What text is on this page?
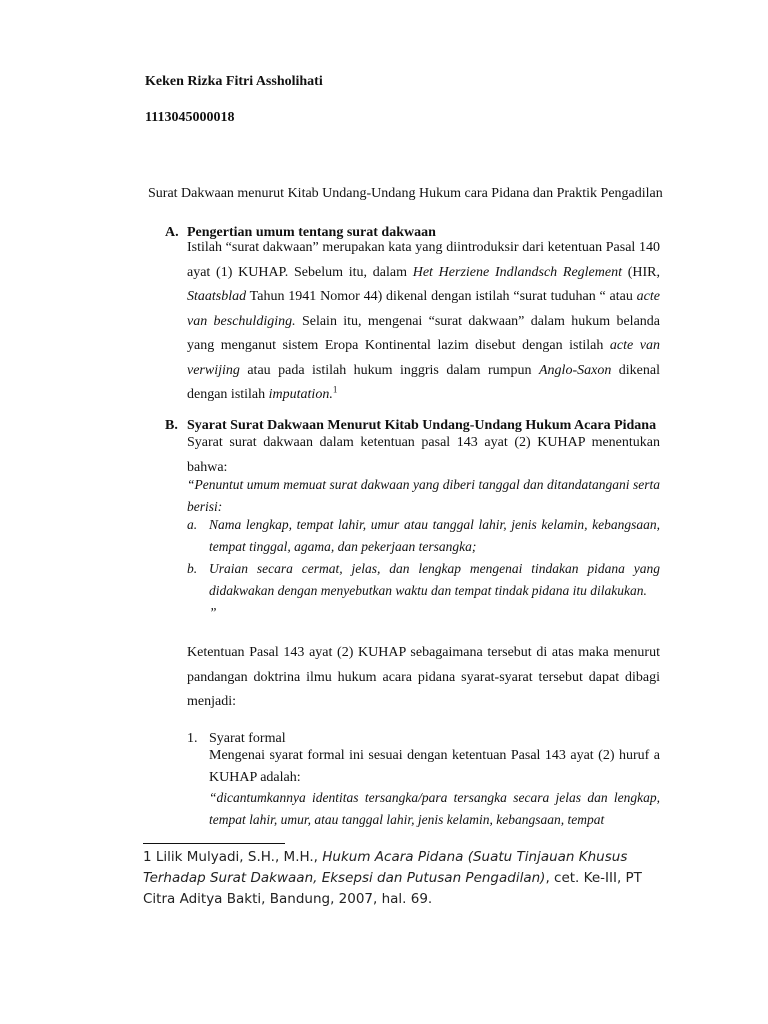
Keken Rizka Fitri Assholihati
1113045000018
Surat Dakwaan menurut Kitab Undang-Undang Hukum cara Pidana dan Praktik Pengadilan
A. Pengertian umum tentang surat dakwaan
Istilah “surat dakwaan” merupakan kata yang diintroduksir dari ketentuan Pasal 140 ayat (1) KUHAP. Sebelum itu, dalam Het Herziene Indlandsch Reglement (HIR, Staatsblad Tahun 1941 Nomor 44) dikenal dengan istilah “surat tuduhan “ atau acte van beschuldiging. Selain itu, mengenai “surat dakwaan” dalam hukum belanda yang menganut sistem Eropa Kontinental lazim disebut dengan istilah acte van verwijing atau pada istilah hukum inggris dalam rumpun Anglo-Saxon dikenal dengan istilah imputation.$^1$
B. Syarat Surat Dakwaan Menurut Kitab Undang-Undang Hukum Acara Pidana
Syarat surat dakwaan dalam ketentuan pasal 143 ayat (2) KUHAP menentukan bahwa:
“Penuntut umum memuat surat dakwaan yang diberi tanggal dan ditandatangani serta berisi:
a. Nama lengkap, tempat lahir, umur atau tanggal lahir, jenis kelamin, kebangsaan, tempat tinggal, agama, dan pekerjaan tersangka;
b. Uraian secara cermat, jelas, dan lengkap mengenai tindakan pidana yang didakwakan dengan menyebutkan waktu dan tempat tindak pidana itu dilakukan.
”
Ketentuan Pasal 143 ayat (2) KUHAP sebagaimana tersebut di atas maka menurut pandangan doktrina ilmu hukum acara pidana syarat-syarat tersebut dapat dibagi menjadi:
1. Syarat formal
Mengenai syarat formal ini sesuai dengan ketentuan Pasal 143 ayat (2) huruf a KUHAP adalah:
“dicantumkannya identitas tersangka/para tersangka secara jelas dan lengkap, tempat lahir, umur, atau tanggal lahir, jenis kelamin, kebangsaan, tempat
1 Lilik Mulyadi, S.H., M.H., Hukum Acara Pidana (Suatu Tinjauan Khusus Terhadap Surat Dakwaan, Eksepsi dan Putusan Pengadilan), cet. Ke-III, PT Citra Aditya Bakti, Bandung, 2007, hal. 69.
